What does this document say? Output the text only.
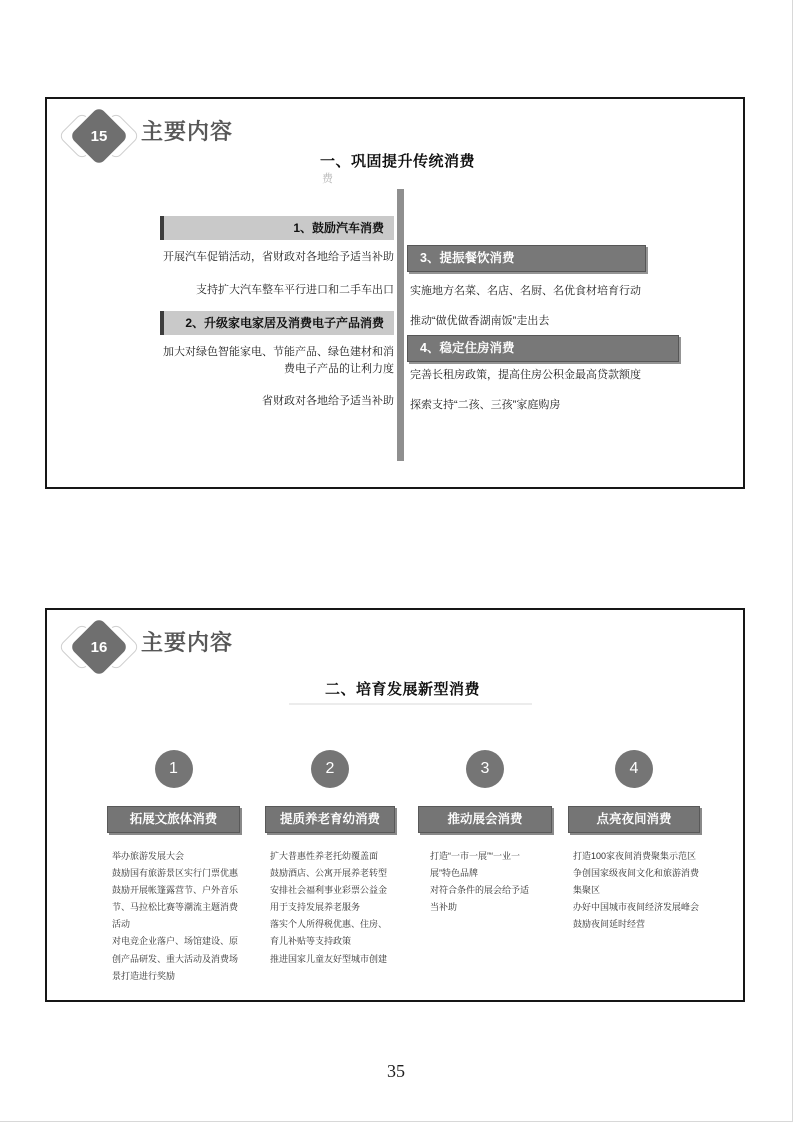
15	主要内容
一、巩固提升传统消费
费
1、鼓励汽车消费
开展汽车促销活动，省财政对各地给予适当补助
支持扩大汽车整车平行进口和二手车出口
2、升级家电家居及消费电子产品消费
加大对绿色智能家电、节能产品、绿色建材和消费电子产品的让利力度
省财政对各地给予适当补助
3、提振餐饮消费
实施地方名菜、名店、名厨、名优食材培育行动
推动“做优做香湖南饭”走出去
4、稳定住房消费
完善长租房政策，提高住房公积金最高贷款额度
探索支持“二孩、三孩”家庭购房
16	主要内容
二、培育发展新型消费
1
拓展文旅体消费

举办旅游发展大会

鼓励国有旅游景区实行门票优惠

鼓励开展帐篷露营节、户外音乐节、马拉松比赛等潮流主题消费活动

对电竞企业落户、场馆建设、原创产品研发、重大活动及消费场景打造进行奖励

2
提质养老育幼消费

扩大普惠性养老托幼覆盖面

鼓励酒店、公寓开展养老转型

安排社会福利事业彩票公益金用于支持发展养老服务

落实个人所得税优惠、住房、育儿补贴等支持政策

推进国家儿童友好型城市创建

3
推动展会消费

打造“一市一展”“一业一展”特色品牌

对符合条件的展会给予适当补助

4
点亮夜间消费

打造100家夜间消费聚集示范区

争创国家级夜间文化和旅游消费集聚区

办好中国城市夜间经济发展峰会

鼓励夜间延时经营

35
